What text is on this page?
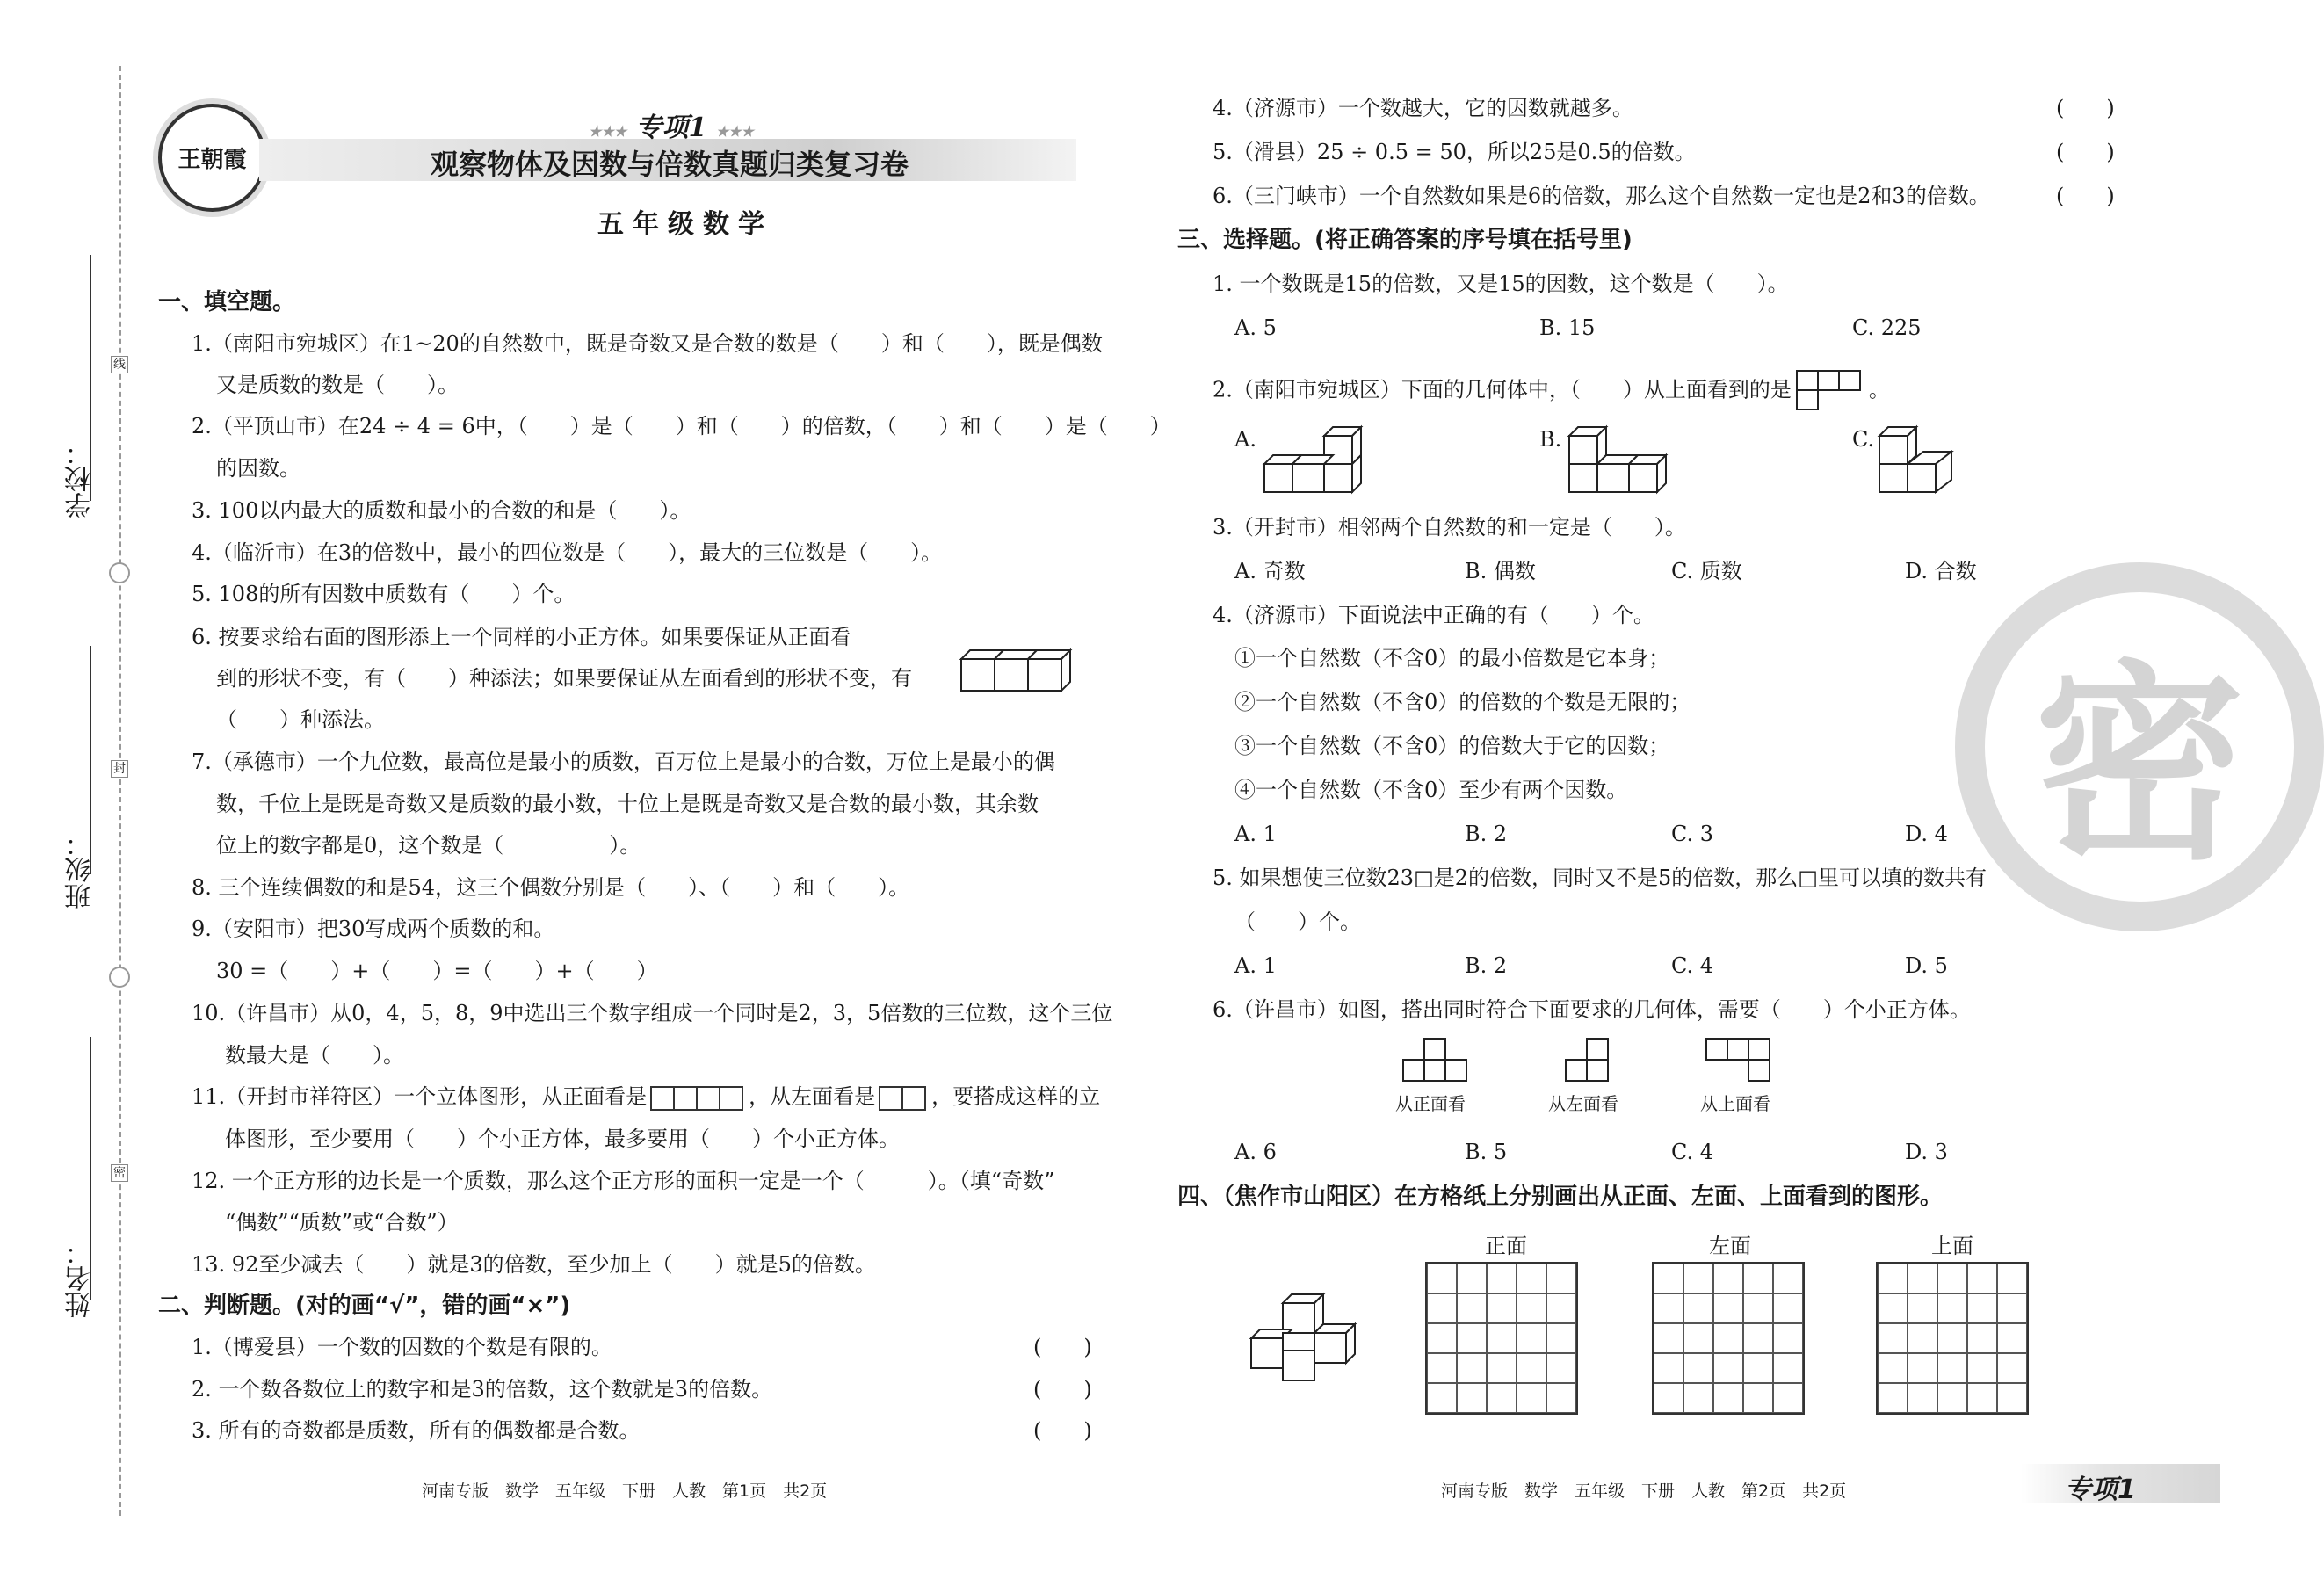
学校：
班级：
姓名：
线
封
密
王朝霞
★★★ 专项1 ★★★
观察物体及因数与倍数真题归类复习卷
五年级数学
一、填空题。
1.（南阳市宛城区）在1~20的自然数中，既是奇数又是合数的数是（　　）和（　　），既是偶数
又是质数的数是（　　）。
2.（平顶山市）在24 ÷ 4 = 6中，（　　）是（　　）和（　　）的倍数，（　　）和（　　）是（　　）
的因数。
3. 100以内最大的质数和最小的合数的和是（　　）。
4.（临沂市）在3的倍数中，最小的四位数是（　　），最大的三位数是（　　）。
5. 108的所有因数中质数有（　　）个。
6. 按要求给右面的图形添上一个同样的小正方体。如果要保证从正面看
到的形状不变，有（　　）种添法；如果要保证从左面看到的形状不变，有
（　　）种添法。
7.（承德市）一个九位数，最高位是最小的质数，百万位上是最小的合数，万位上是最小的偶
数，千位上是既是奇数又是质数的最小数，十位上是既是奇数又是合数的最小数，其余数
位上的数字都是0，这个数是（　　　　　）。
8. 三个连续偶数的和是54，这三个偶数分别是（　　）、（　　）和（　　）。
9.（安阳市）把30写成两个质数的和。
30 =（　　）+（　　）=（　　）+（　　）
10.（许昌市）从0，4，5，8，9中选出三个数字组成一个同时是2，3，5倍数的三位数，这个三位
数最大是（　　）。
11.（开封市祥符区）一个立体图形，从正面看是	，从左面看是	，要搭成这样的立
体图形，至少要用（　　）个小正方体，最多要用（　　）个小正方体。
12. 一个正方形的边长是一个质数，那么这个正方形的面积一定是一个（　　　）。（填“奇数”
“偶数”“质数”或“合数”）
13. 92至少减去（　　）就是3的倍数，至少加上（　　）就是5的倍数。
二、判断题。(对的画“√”，错的画“×”)
1.（博爱县）一个数的因数的个数是有限的。	(　　)
2. 一个数各数位上的数字和是3的倍数，这个数就是3的倍数。	(　　)
3. 所有的奇数都是质数，所有的偶数都是合数。	(　　)
河南专版　数学　五年级　下册　人教　第1页　共2页
4.（济源市）一个数越大，它的因数就越多。	(　　)
5.（滑县）25 ÷ 0.5 = 50，所以25是0.5的倍数。	(　　)
6.（三门峡市）一个自然数如果是6的倍数，那么这个自然数一定也是2和3的倍数。	(　　)
三、选择题。(将正确答案的序号填在括号里)
1. 一个数既是15的倍数，又是15的因数，这个数是（　　）。
A. 5	B. 15	C. 225
2.（南阳市宛城区）下面的几何体中，（　　）从上面看到的是	。
A.	B.	C.
3.（开封市）相邻两个自然数的和一定是（　　）。
A. 奇数	B. 偶数	C. 质数	D. 合数
4.（济源市）下面说法中正确的有（　　）个。
①一个自然数（不含0）的最小倍数是它本身；
②一个自然数（不含0）的倍数的个数是无限的；
③一个自然数（不含0）的倍数大于它的因数；
④一个自然数（不含0）至少有两个因数。
A. 1	B. 2	C. 3	D. 4
5. 如果想使三位数23□是2的倍数，同时又不是5的倍数，那么□里可以填的数共有
（　　）个。
A. 1	B. 2	C. 4	D. 5
6.（许昌市）如图，搭出同时符合下面要求的几何体，需要（　　）个小正方体。
从正面看	从左面看	从上面看
A. 6	B. 5	C. 4	D. 3
四、（焦作市山阳区）在方格纸上分别画出从正面、左面、上面看到的图形。
正面	左面	上面
密
河南专版　数学　五年级　下册　人教　第2页　共2页	专项1
